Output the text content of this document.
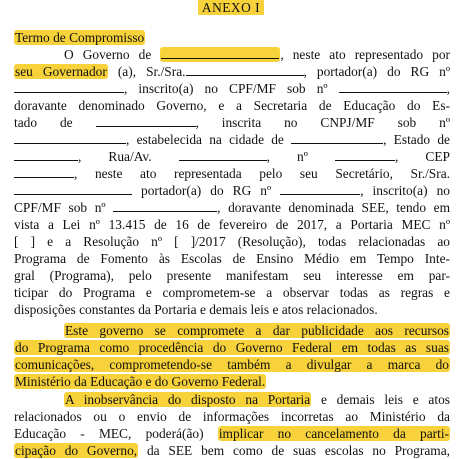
ANEXO I
Termo de Compromisso
O Governo de	, neste ato representado por
seu Governador (a), Sr./Sra.	, portador(a) do RG nº
, inscrito(a) no CPF/MF sob nº	,
doravante denominado Governo, e a Secretaria de Educação do Es-
tado de	, inscrita no CNPJ/MF sob nº
, estabelecida na cidade de	, Estado de
, Rua/Av.	, nº	, CEP
, neste ato representada pelo seu Secretário, Sr./Sra.
portador(a) do RG nº	, inscrito(a) no
CPF/MF sob nº	, doravante denominada SEE, tendo em
vista a Lei nº 13.415 de 16 de fevereiro de 2017, a Portaria MEC nº
[ ] e a Resolução nº [ ]/2017 (Resolução), todas relacionadas ao
Programa de Fomento às Escolas de Ensino Médio em Tempo Inte-
gral (Programa), pelo presente manifestam seu interesse em par-
ticipar do Programa e comprometem-se a observar todas as regras e
disposições constantes da Portaria e demais leis e atos relacionados.
Este governo se compromete a dar publicidade aos recursos
do Programa como procedência do Governo Federal em todas as suas
comunicações, comprometendo-se também a divulgar a marca do
Ministério da Educação e do Governo Federal.
A inobservância do disposto na Portaria e demais leis e atos
relacionados ou o envio de informações incorretas ao Ministério da
Educação - MEC, poderá(ão) implicar no cancelamento da parti-
cipação do Governo, da SEE bem como de suas escolas no Programa,
